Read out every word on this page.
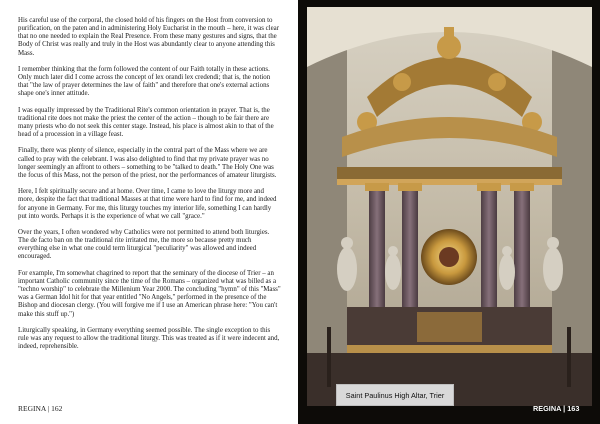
His careful use of the corporal, the closed hold of his fingers on the Host from conversion to purification, on the paten and in administering Holy Eucharist in the mouth – here, it was clear that no one needed to explain the Real Presence. From these many gestures and signs, that the Body of Christ was really and truly in the Host was abundantly clear to anyone attending this Mass.

I remember thinking that the form followed the content of our Faith totally in these actions. Only much later did I come across the concept of lex orandi lex credendi; that is, the notion that "the law of prayer determines the law of faith" and therefore that one's external actions shape one's inner attitude.

I was equally impressed by the Traditional Rite's common orientation in prayer. That is, the traditional rite does not make the priest the center of the action – though to be fair there are many priests who do not seek this center stage. Instead, his place is almost akin to that of the head of a procession in a village feast.

Finally, there was plenty of silence, especially in the central part of the Mass where we are called to pray with the celebrant. I was also delighted to find that my private prayer was no longer seemingly an affront to others – something to be "talked to death." The Holy One was the focus of this Mass, not the person of the priest, nor the performances of amateur liturgists.

Here, I felt spiritually secure and at home. Over time, I came to love the liturgy more and more, despite the fact that traditional Masses at that time were hard to find for me, and indeed for anyone in Germany. For me, this liturgy touches my interior life, something I can hardly put into words. Perhaps it is the experience of what we call "grace."

Over the years, I often wondered why Catholics were not permitted to attend both liturgies. The de facto ban on the traditional rite irritated me, the more so because pretty much everything else in what one could term liturgical "peculiarity" was allowed and indeed encouraged.

For example, I'm somewhat chagrined to report that the seminary of the diocese of Trier – an important Catholic community since the time of the Romans – organized what was billed as a "techno worship" to celebrate the Millenium Year 2000. The concluding "hymn" of this "Mass" was a German Idol hit for that year entitled "No Angels," performed in the presence of the Bishop and diocesan clergy. (You will forgive me if I use an American phrase here: "You can't make this stuff up.")

Liturgically speaking, in Germany everything seemed possible. The single exception to this rule was any request to allow the traditional liturgy. This was treated as if it were indecent and, indeed, reprehensible.

REGINA | 162	REGINA | 163
Saint Paulinus High Altar, Trier
